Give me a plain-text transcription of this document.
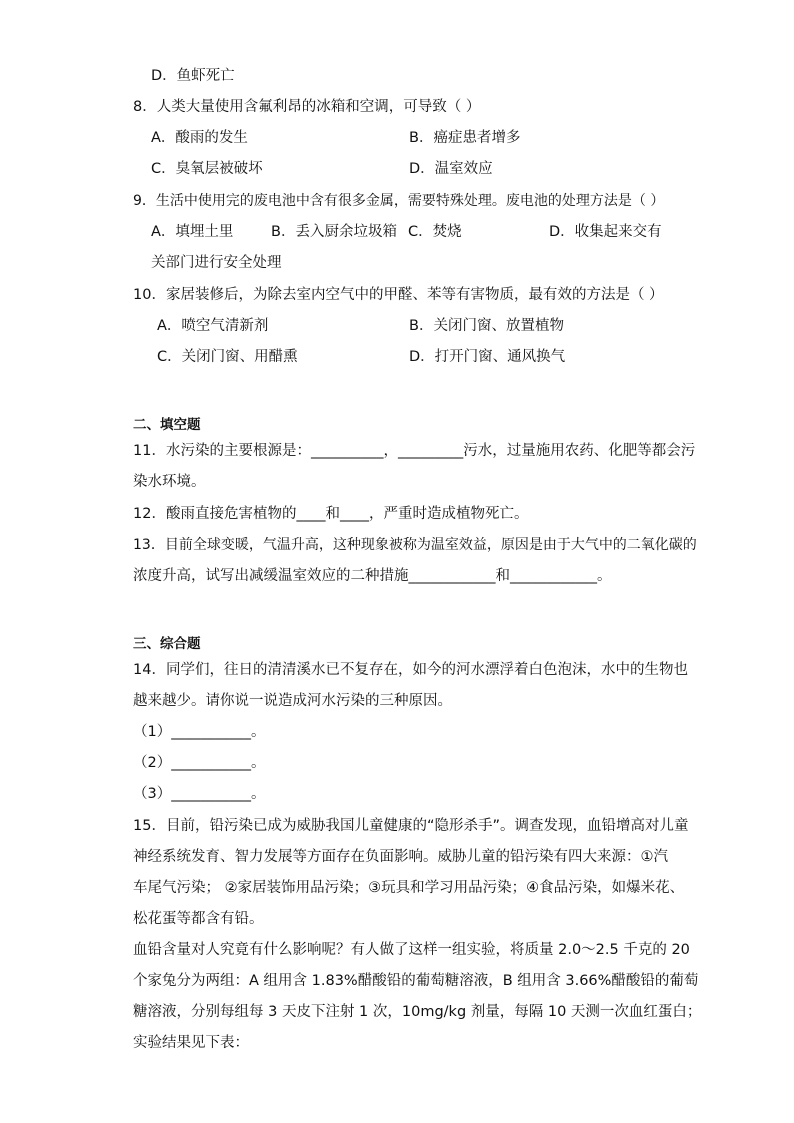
D．鱼虾死亡
8．人类大量使用含氟利昂的冰箱和空调，可导致（ ）
A．酸雨的发生	B．癌症患者增多
C．臭氧层被破坏	D．温室效应
9．生活中使用完的废电池中含有很多金属，需要特殊处理。废电池的处理方法是（ ）
A．填埋土里	B．丢入厨余垃圾箱 C．焚烧	D．收集起来交有
关部门进行安全处理
10．家居装修后，为除去室内空气中的甲醛、苯等有害物质，最有效的方法是（ ）
A．喷空气清新剂	B．关闭门窗、放置植物
C．关闭门窗、用醋熏	D．打开门窗、通风换气
二、填空题
11．水污染的主要根源是：__________，_________污水，过量施用农药、化肥等都会污
染水环境。
12．酸雨直接危害植物的____和____，严重时造成植物死亡。
13．目前全球变暖，气温升高，这种现象被称为温室效益，原因是由于大气中的二氧化碳的
浓度升高，试写出减缓温室效应的二种措施____________和____________。
三、综合题
14．同学们，往日的清清溪水已不复存在，如今的河水漂浮着白色泡沫，水中的生物也
越来越少。请你说一说造成河水污染的三种原因。
（1）___________。
（2）___________。
（3）___________。
15．目前，铅污染已成为威胁我国儿童健康的“隐形杀手”。调查发现，血铅增高对儿童
神经系统发育、智力发展等方面存在负面影响。威胁儿童的铅污染有四大来源：①汽
车尾气污染； ②家居装饰用品污染；③玩具和学习用品污染；④食品污染，如爆米花、
松花蛋等都含有铅。
血铅含量对人究竟有什么影响呢？有人做了这样一组实验，将质量 2.0～2.5 千克的 20
个家兔分为两组：A 组用含 1.83%醋酸铅的葡萄糖溶液，B 组用含 3.66%醋酸铅的葡萄
糖溶液，分别每组每 3 天皮下注射 1 次，10mg/kg 剂量，每隔 10 天测一次血红蛋白；
实验结果见下表：
